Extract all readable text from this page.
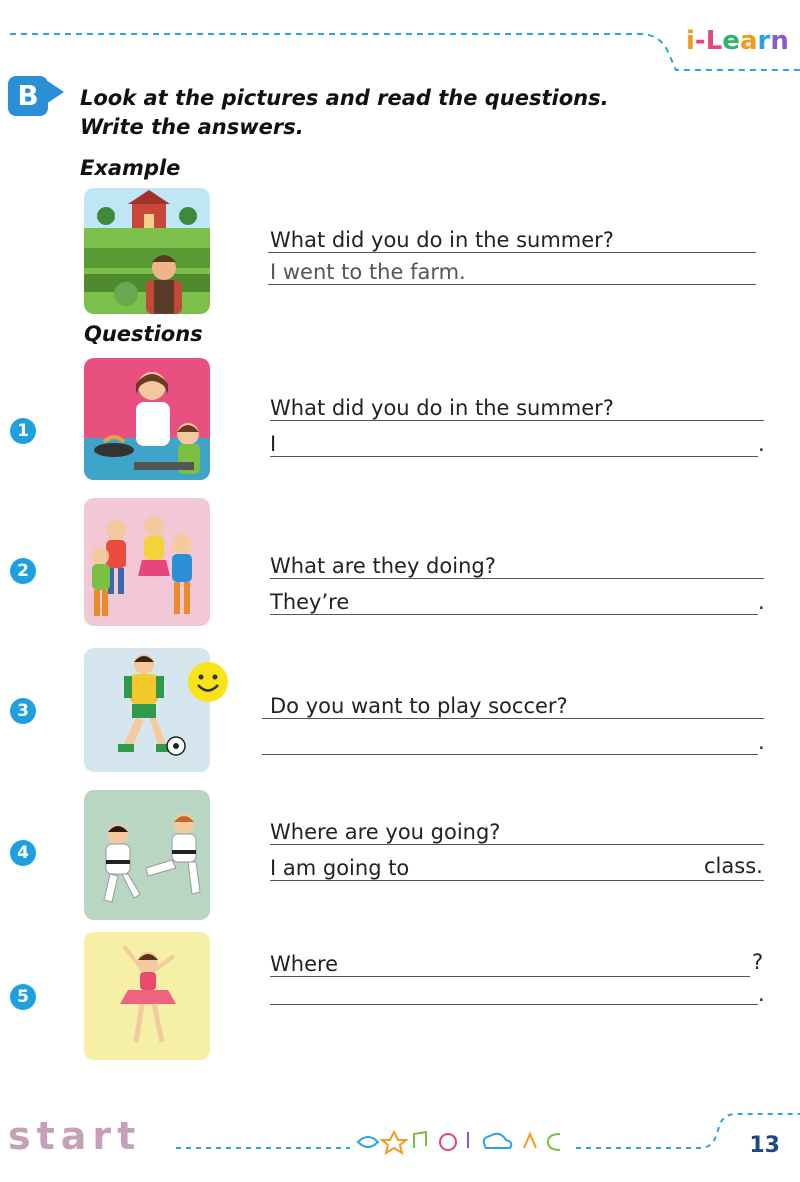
i-Learn
B	Look at the pictures and read the questions.
Write the answers.
Example
What did you do in the summer?
I went to the farm.
Questions
1
What did you do in the summer?
I	.
2	What are they doing?
They’re	.
3	Do you want to play soccer?
.
4
Where are you going?
I am going to	class.
5
Where	?
.
start	13
